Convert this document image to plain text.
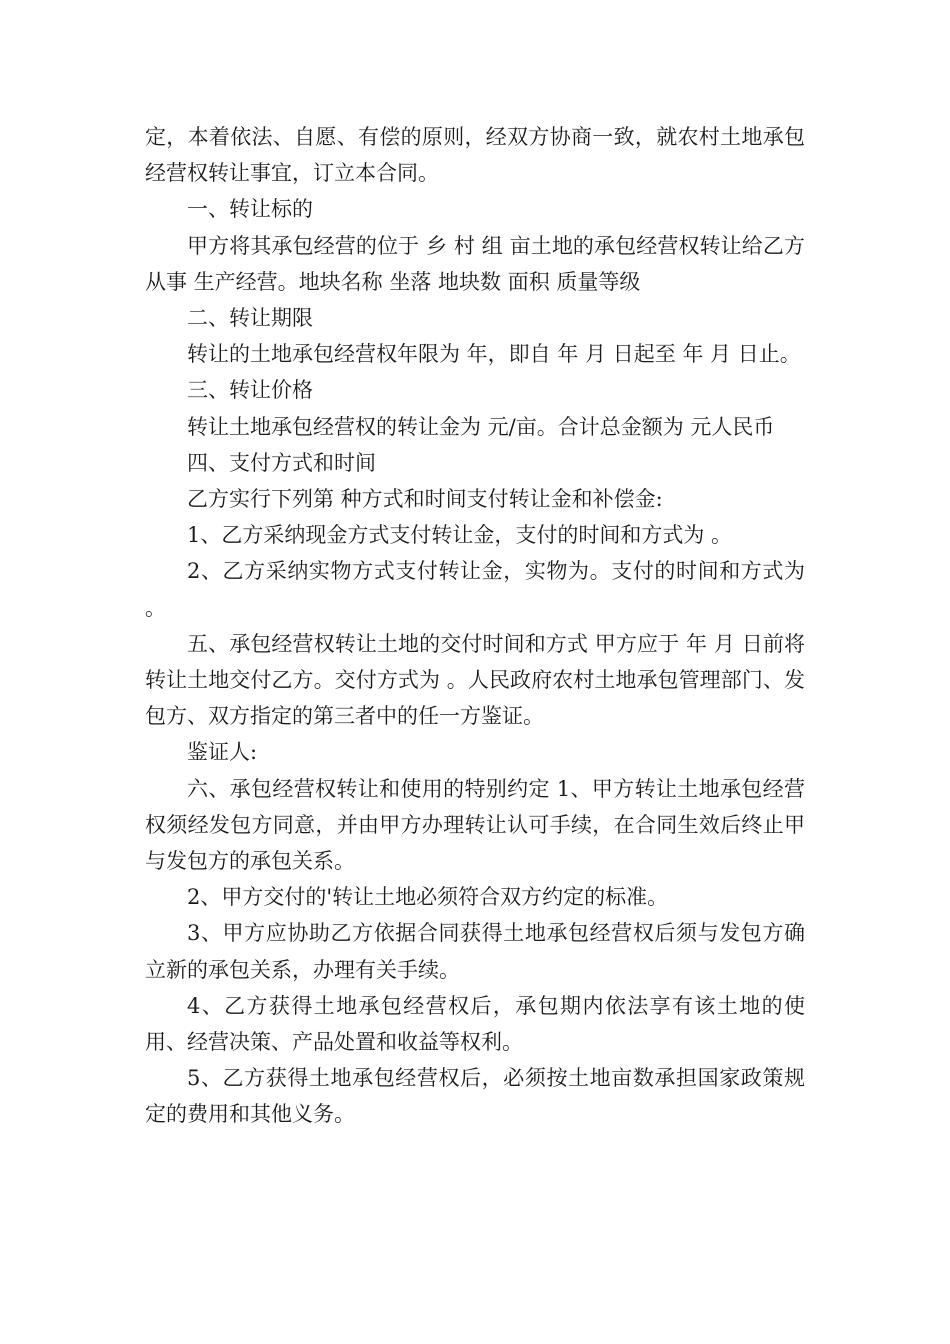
定，本着依法、自愿、有偿的原则，经双方协商一致，就农村土地承包经营权转让事宜，订立本合同。

一、转让标的

甲方将其承包经营的位于 乡 村 组 亩土地的承包经营权转让给乙方从事 生产经营。地块名称 坐落 地块数 面积 质量等级

二、转让期限

转让的土地承包经营权年限为 年，即自 年 月 日起至 年 月 日止。

三、转让价格

转让土地承包经营权的转让金为 元/亩。合计总金额为 元人民币

四、支付方式和时间

乙方实行下列第 种方式和时间支付转让金和补偿金:

1、乙方采纳现金方式支付转让金，支付的时间和方式为 。

2、乙方采纳实物方式支付转让金，实物为。支付的时间和方式为 。

五、承包经营权转让土地的交付时间和方式 甲方应于 年 月 日前将转让土地交付乙方。交付方式为 。人民政府农村土地承包管理部门、发包方、双方指定的第三者中的任一方鉴证。

鉴证人:

六、承包经营权转让和使用的特别约定 1、甲方转让土地承包经营权须经发包方同意，并由甲方办理转让认可手续，在合同生效后终止甲与发包方的承包关系。

2、甲方交付的'转让土地必须符合双方约定的标准。

3、甲方应协助乙方依据合同获得土地承包经营权后须与发包方确立新的承包关系，办理有关手续。

4、乙方获得土地承包经营权后，承包期内依法享有该土地的使用、经营决策、产品处置和收益等权利。

5、乙方获得土地承包经营权后，必须按土地亩数承担国家政策规定的费用和其他义务。
